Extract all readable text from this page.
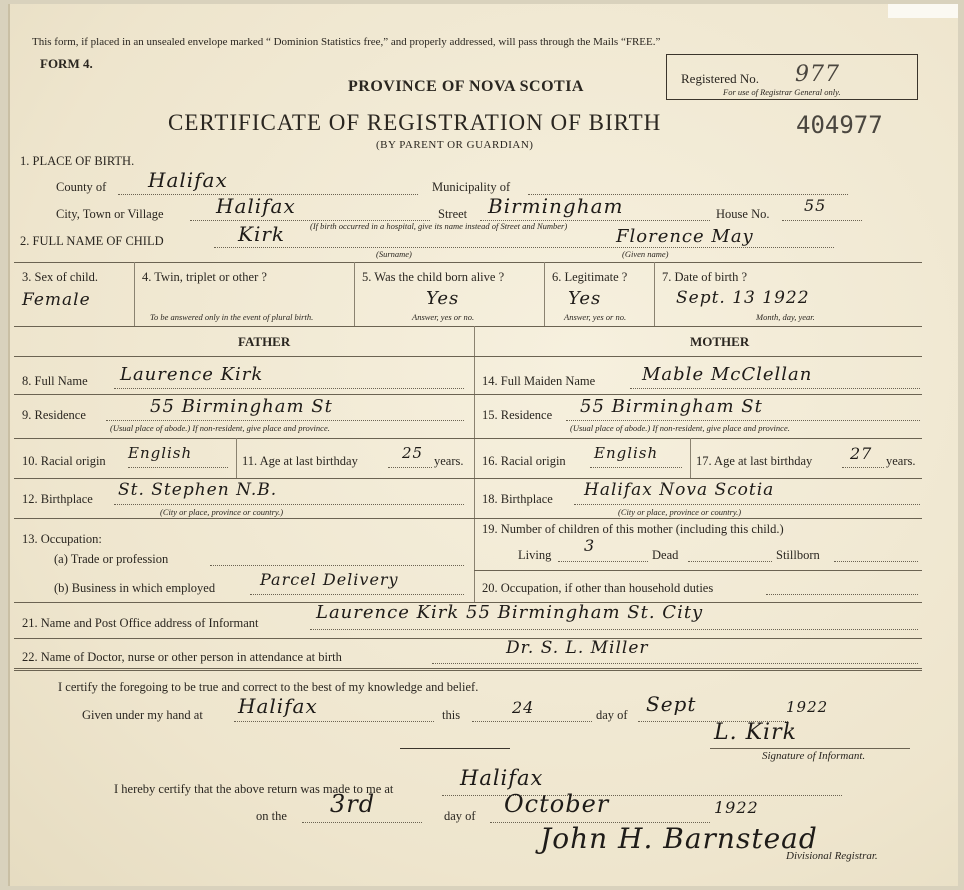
This form, if placed in an unsealed envelope marked “ Dominion Statistics free,” and properly addressed, will pass through the Mails “FREE.”
FORM 4.
PROVINCE OF NOVA SCOTIA
CERTIFICATE OF REGISTRATION OF BIRTH
(BY PARENT OR GUARDIAN)
404977
Registered No. 977
For use of Registrar General only.
1. PLACE OF BIRTH.
County of Halifax	Municipality of
City, Town or Village	Halifax	Street Birmingham	House No. 55
(If birth occurred in a hospital, give its name instead of Street and Number)
2. FULL NAME OF CHILD	Kirk	Florence May
(Surname)	(Given name)
3. Sex of child.
Female
4. Twin, triplet or other ?
To be answered only in the event of plural birth.
5. Was the child born alive ?
Yes
Answer, yes or no.
6. Legitimate ?
Yes
Answer, yes or no.
7. Date of birth ?
Sept. 13 1922
Month, day, year.
FATHER	MOTHER
8. Full Name Laurence Kirk	14. Full Maiden Name	Mable McClellan
9. Residence	55 Birmingham St
(Usual place of abode.) If non-resident, give place and province.
15. Residence 55 Birmingham St
(Usual place of abode.) If non-resident, give place and province.
10. Racial origin English	11. Age at last birthday	25 years. 16. Racial origin English	17. Age at last birthday 27 years.
12. Birthplace St. Stephen N.B.
(City or place, province or country.)
18. Birthplace Halifax Nova Scotia
(City or place, province or country.)
13. Occupation:
(a) Trade or profession
19. Number of children of this mother (including this child.)
Living 3	Dead	Stillborn
(b) Business in which employed	Parcel Delivery	20. Occupation, if other than household duties
21. Name and Post Office address of Informant	Laurence Kirk 55 Birmingham St. City
22. Name of Doctor, nurse or other person in attendance at birth	Dr. S. L. Miller
I certify the foregoing to be true and correct to the best of my knowledge and belief.
Given under my hand at Halifax	this	24	day of Sept	1922
L. Kirk
Signature of Informant.
I hereby certify that the above return was made to me at	Halifax
on the 3rd	day of October	1922
John H. Barnstead
Divisional Registrar.
